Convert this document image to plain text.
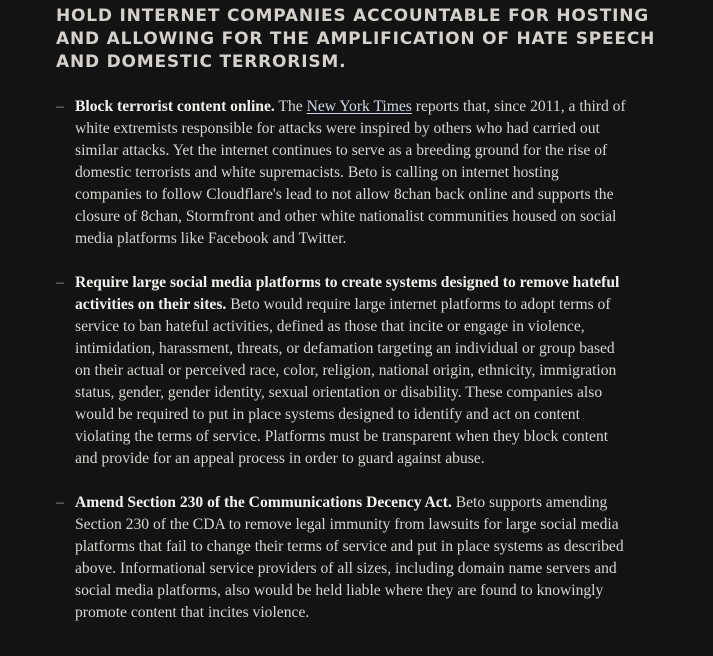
HOLD INTERNET COMPANIES ACCOUNTABLE FOR HOSTING AND ALLOWING FOR THE AMPLIFICATION OF HATE SPEECH AND DOMESTIC TERRORISM.
– Block terrorist content online. The New York Times reports that, since 2011, a third of white extremists responsible for attacks were inspired by others who had carried out similar attacks. Yet the internet continues to serve as a breeding ground for the rise of domestic terrorists and white supremacists. Beto is calling on internet hosting companies to follow Cloudflare's lead to not allow 8chan back online and supports the closure of 8chan, Stormfront and other white nationalist communities housed on social media platforms like Facebook and Twitter.
– Require large social media platforms to create systems designed to remove hateful activities on their sites. Beto would require large internet platforms to adopt terms of service to ban hateful activities, defined as those that incite or engage in violence, intimidation, harassment, threats, or defamation targeting an individual or group based on their actual or perceived race, color, religion, national origin, ethnicity, immigration status, gender, gender identity, sexual orientation or disability. These companies also would be required to put in place systems designed to identify and act on content violating the terms of service. Platforms must be transparent when they block content and provide for an appeal process in order to guard against abuse.
– Amend Section 230 of the Communications Decency Act. Beto supports amending Section 230 of the CDA to remove legal immunity from lawsuits for large social media platforms that fail to change their terms of service and put in place systems as described above. Informational service providers of all sizes, including domain name servers and social media platforms, also would be held liable where they are found to knowingly promote content that incites violence.
